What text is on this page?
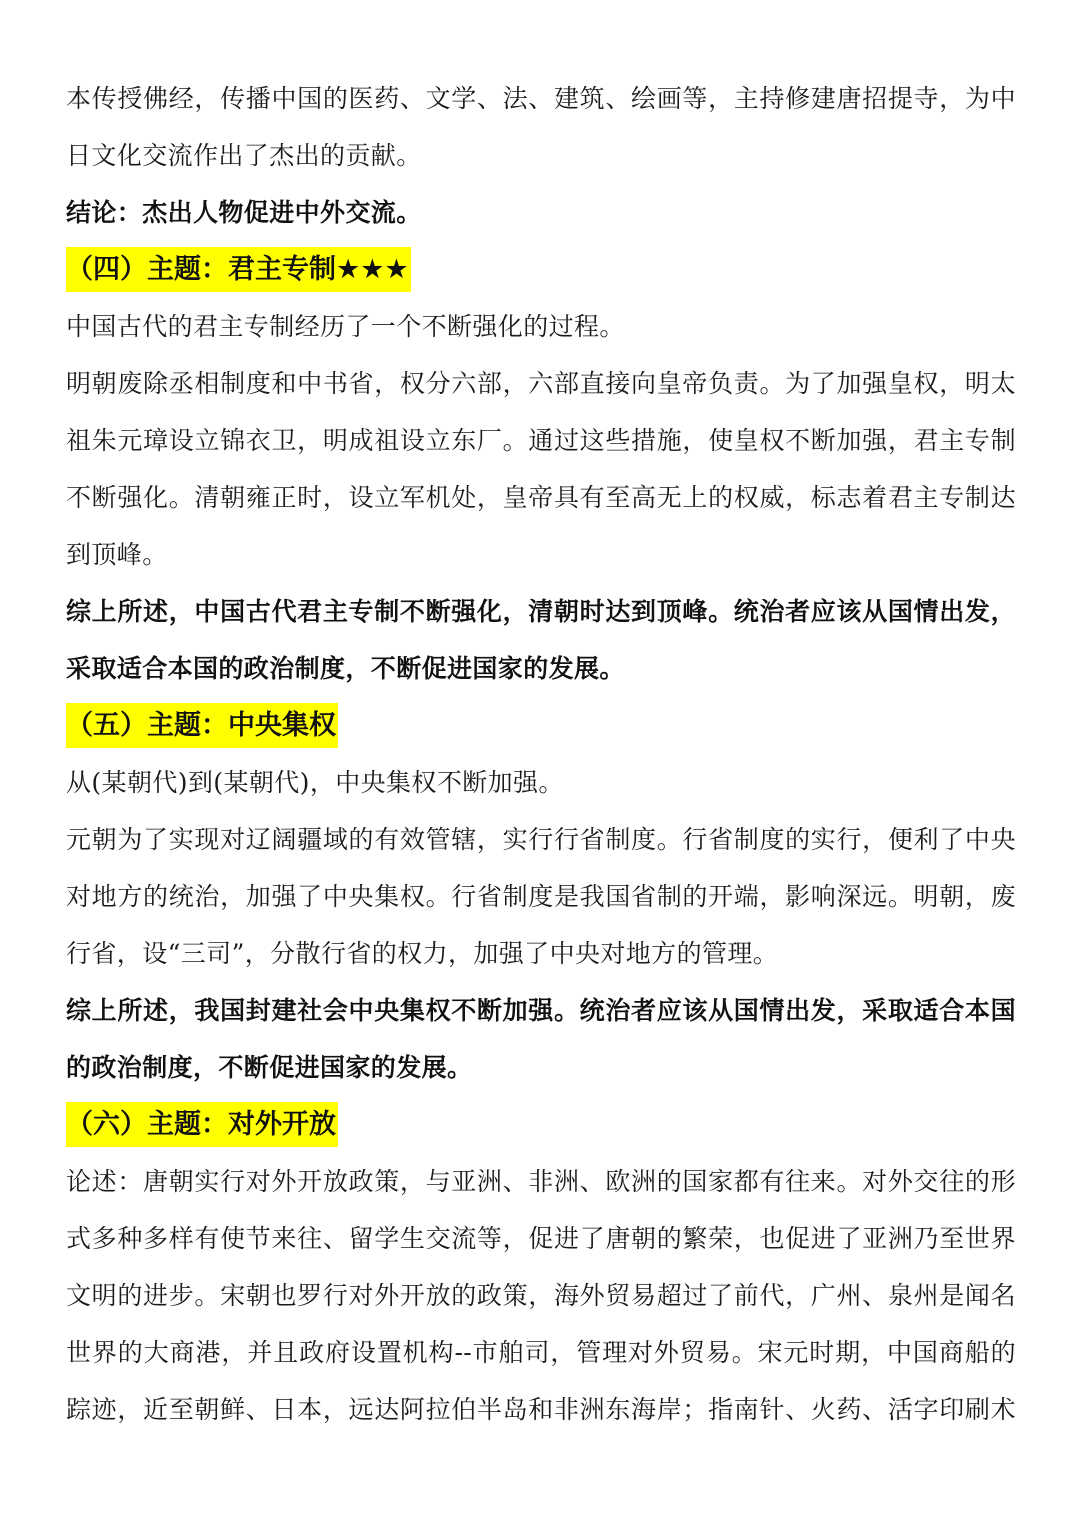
本传授佛经，传播中国的医药、文学、法、建筑、绘画等，主持修建唐招提寺，为中
日文化交流作出了杰出的贡献。
结论：杰出人物促进中外交流。
（四）主题：君主专制★★★
中国古代的君主专制经历了一个不断强化的过程。
明朝废除丞相制度和中书省，权分六部，六部直接向皇帝负责。为了加强皇权，明太
祖朱元璋设立锦衣卫，明成祖设立东厂。通过这些措施，使皇权不断加强，君主专制
不断强化。清朝雍正时，设立军机处，皇帝具有至高无上的权威，标志着君主专制达
到顶峰。
综上所述，中国古代君主专制不断强化，清朝时达到顶峰。统治者应该从国情出发，
采取适合本国的政治制度，不断促进国家的发展。
（五）主题：中央集权
从(某朝代)到(某朝代)，中央集权不断加强。
元朝为了实现对辽阔疆域的有效管辖，实行行省制度。行省制度的实行，便利了中央
对地方的统治，加强了中央集权。行省制度是我国省制的开端，影响深远。明朝，废
行省，设“三司”，分散行省的权力，加强了中央对地方的管理。
综上所述，我国封建社会中央集权不断加强。统治者应该从国情出发，采取适合本国
的政治制度，不断促进国家的发展。
（六）主题：对外开放
论述：唐朝实行对外开放政策，与亚洲、非洲、欧洲的国家都有往来。对外交往的形
式多种多样有使节来往、留学生交流等，促进了唐朝的繁荣，也促进了亚洲乃至世界
文明的进步。宋朝也罗行对外开放的政策，海外贸易超过了前代，广州、泉州是闻名
世界的大商港，并且政府设置机构--市舶司，管理对外贸易。宋元时期，中国商船的
踪迹，近至朝鲜、日本，远达阿拉伯半岛和非洲东海岸；指南针、火药、活字印刷术
